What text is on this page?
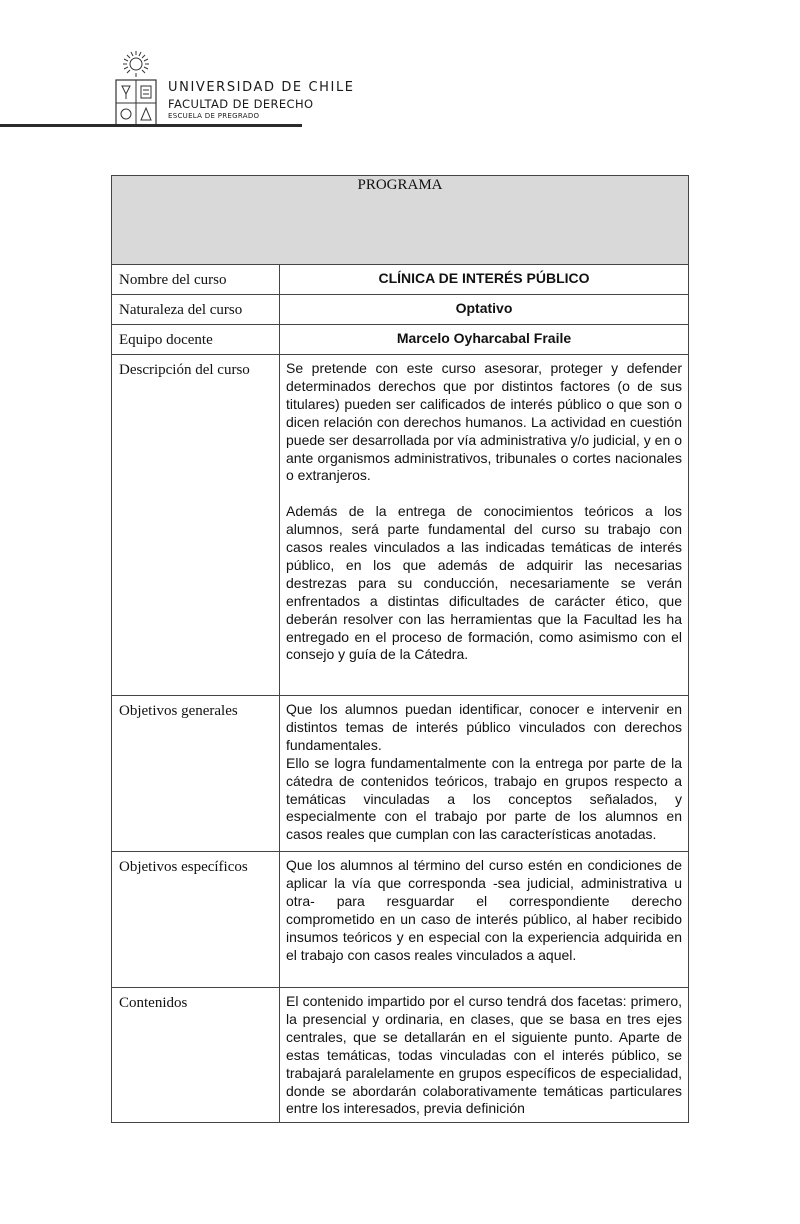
UNIVERSIDAD DE CHILE
FACULTAD DE DERECHO
ESCUELA DE PREGRADO
PROGRAMA	
Nombre del curso	CLÍNICA DE INTERÉS PÚBLICO
Naturaleza del curso	Optativo
Equipo docente	Marcelo Oyharcabal Fraile
Descripción del curso	Se pretende con este curso asesorar, proteger y defender determinados derechos que por distintos factores (o de sus titulares) pueden ser calificados de interés público o que son o dicen relación con derechos humanos. La actividad en cuestión puede ser desarrollada por vía administrativa y/o judicial, y en o ante organismos administrativos, tribunales o cortes nacionales o extranjeros.

Además de la entrega de conocimientos teóricos a los alumnos, será parte fundamental del curso su trabajo con casos reales vinculados a las indicadas temáticas de interés público, en los que además de adquirir las necesarias destrezas para su conducción, necesariamente se verán enfrentados a distintas dificultades de carácter ético, que deberán resolver con las herramientas que la Facultad les ha entregado en el proceso de formación, como asimismo con el consejo y guía de la Cátedra.

Objetivos generales	Que los alumnos puedan identificar, conocer e intervenir en distintos temas de interés público vinculados con derechos fundamentales.

Ello se logra fundamentalmente con la entrega por parte de la cátedra de contenidos teóricos, trabajo en grupos respecto a temáticas vinculadas a los conceptos señalados, y especialmente con el trabajo por parte de los alumnos en casos reales que cumplan con las características anotadas.

Objetivos específicos	Que los alumnos al término del curso estén en condiciones de aplicar la vía que corresponda -sea judicial, administrativa u otra- para resguardar el correspondiente derecho comprometido en un caso de interés público, al haber recibido insumos teóricos y en especial con la experiencia adquirida en el trabajo con casos reales vinculados a aquel.
Contenidos	El contenido impartido por el curso tendrá dos facetas: primero, la presencial y ordinaria, en clases, que se basa en tres ejes centrales, que se detallarán en el siguiente punto. Aparte de estas temáticas, todas vinculadas con el interés público, se trabajará paralelamente en grupos específicos de especialidad, donde se abordarán colaborativamente temáticas particulares entre los interesados, previa definición
